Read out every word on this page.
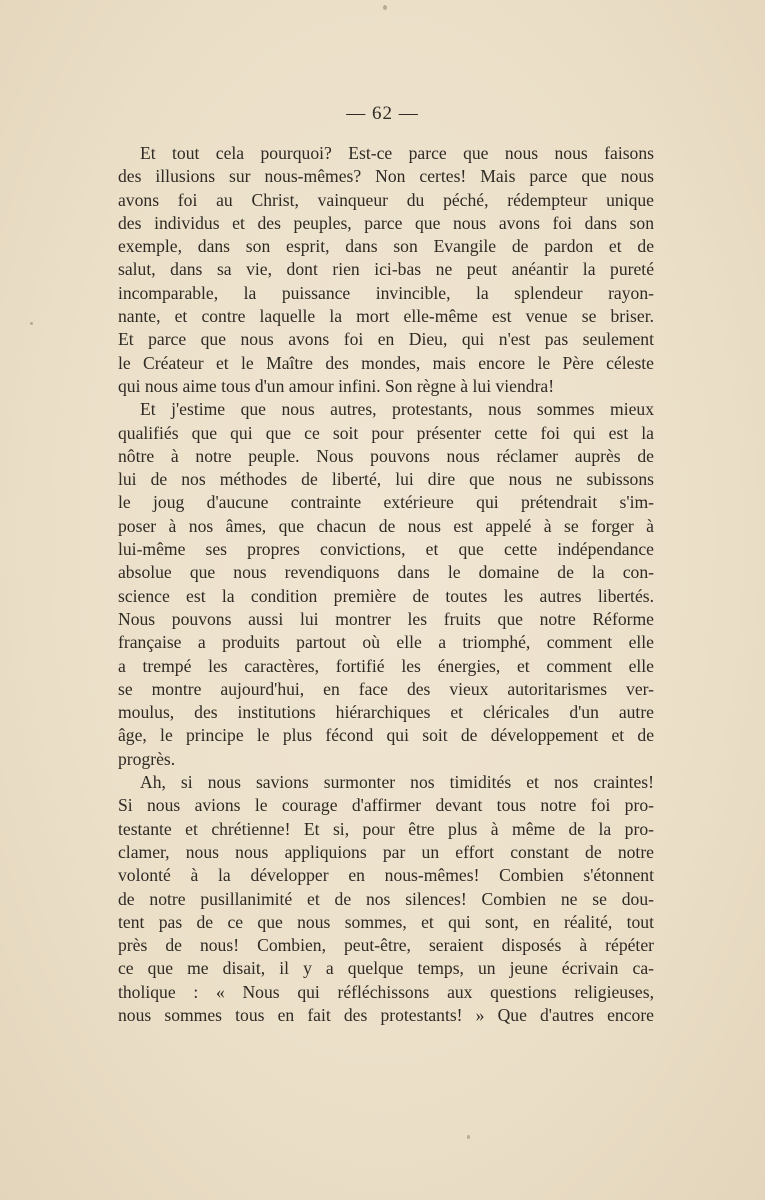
— 62 —
Et tout cela pourquoi? Est-ce parce que nous nous faisons
des illusions sur nous-mêmes? Non certes! Mais parce que nous
avons foi au Christ, vainqueur du péché, rédempteur unique
des individus et des peuples, parce que nous avons foi dans son
exemple, dans son esprit, dans son Evangile de pardon et de
salut, dans sa vie, dont rien ici-bas ne peut anéantir la pureté
incomparable, la puissance invincible, la splendeur rayon-
nante, et contre laquelle la mort elle-même est venue se briser.
Et parce que nous avons foi en Dieu, qui n'est pas seulement
le Créateur et le Maître des mondes, mais encore le Père céleste
qui nous aime tous d'un amour infini. Son règne à lui viendra!
Et j'estime que nous autres, protestants, nous sommes mieux
qualifiés que qui que ce soit pour présenter cette foi qui est la
nôtre à notre peuple. Nous pouvons nous réclamer auprès de
lui de nos méthodes de liberté, lui dire que nous ne subissons
le joug d'aucune contrainte extérieure qui prétendrait s'im-
poser à nos âmes, que chacun de nous est appelé à se forger à
lui-même ses propres convictions, et que cette indépendance
absolue que nous revendiquons dans le domaine de la con-
science est la condition première de toutes les autres libertés.
Nous pouvons aussi lui montrer les fruits que notre Réforme
française a produits partout où elle a triomphé, comment elle
a trempé les caractères, fortifié les énergies, et comment elle
se montre aujourd'hui, en face des vieux autoritarismes ver-
moulus, des institutions hiérarchiques et cléricales d'un autre
âge, le principe le plus fécond qui soit de développement et de
progrès.
Ah, si nous savions surmonter nos timidités et nos craintes!
Si nous avions le courage d'affirmer devant tous notre foi pro-
testante et chrétienne! Et si, pour être plus à même de la pro-
clamer, nous nous appliquions par un effort constant de notre
volonté à la développer en nous-mêmes! Combien s'étonnent
de notre pusillanimité et de nos silences! Combien ne se dou-
tent pas de ce que nous sommes, et qui sont, en réalité, tout
près de nous! Combien, peut-être, seraient disposés à répéter
ce que me disait, il y a quelque temps, un jeune écrivain ca-
tholique : « Nous qui réfléchissons aux questions religieuses,
nous sommes tous en fait des protestants! » Que d'autres encore
